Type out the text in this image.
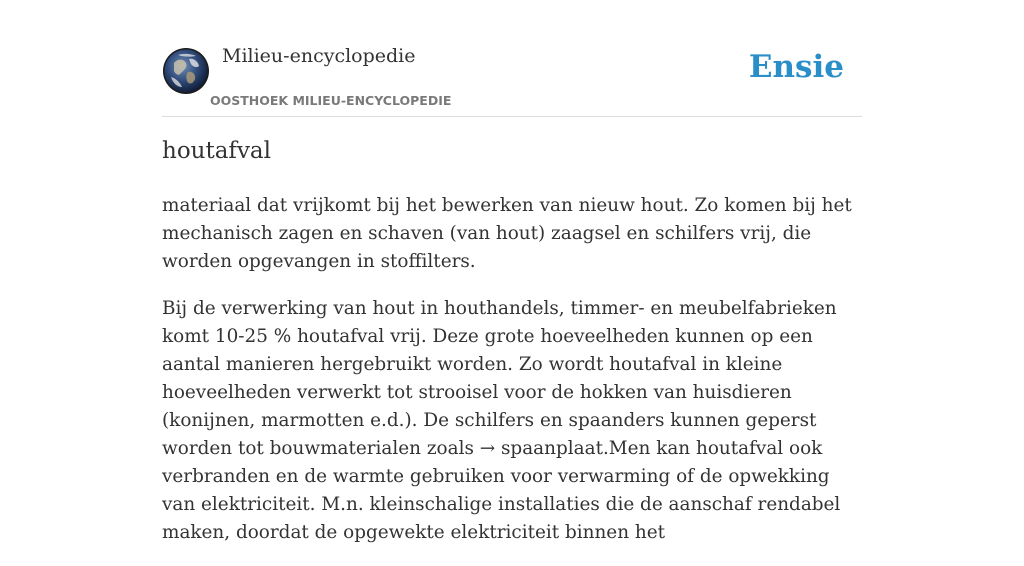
Milieu-encyclopedie
OOSTHOEK MILIEU-ENCYCLOPEDIE
Ensie
houtafval

materiaal dat vrijkomt bij het bewerken van nieuw hout. Zo komen bij het mechanisch zagen en schaven (van hout) zaagsel en schilfers vrij, die worden opgevangen in stoffilters.

Bij de verwerking van hout in houthandels, timmer- en meubelfabrieken komt 10-25 % houtafval vrij. Deze grote hoeveelheden kunnen op een aantal manieren hergebruikt worden. Zo wordt houtafval in kleine hoeveelheden verwerkt tot strooisel voor de hokken van huisdieren (konijnen, marmotten e.d.). De schilfers en spaanders kunnen geperst worden tot bouwmaterialen zoals → spaanplaat.Men kan houtafval ook verbranden en de warmte gebruiken voor verwarming of de opwekking van elektriciteit. M.n. kleinschalige installaties die de aanschaf rendabel maken, doordat de opgewekte elektriciteit binnen het
